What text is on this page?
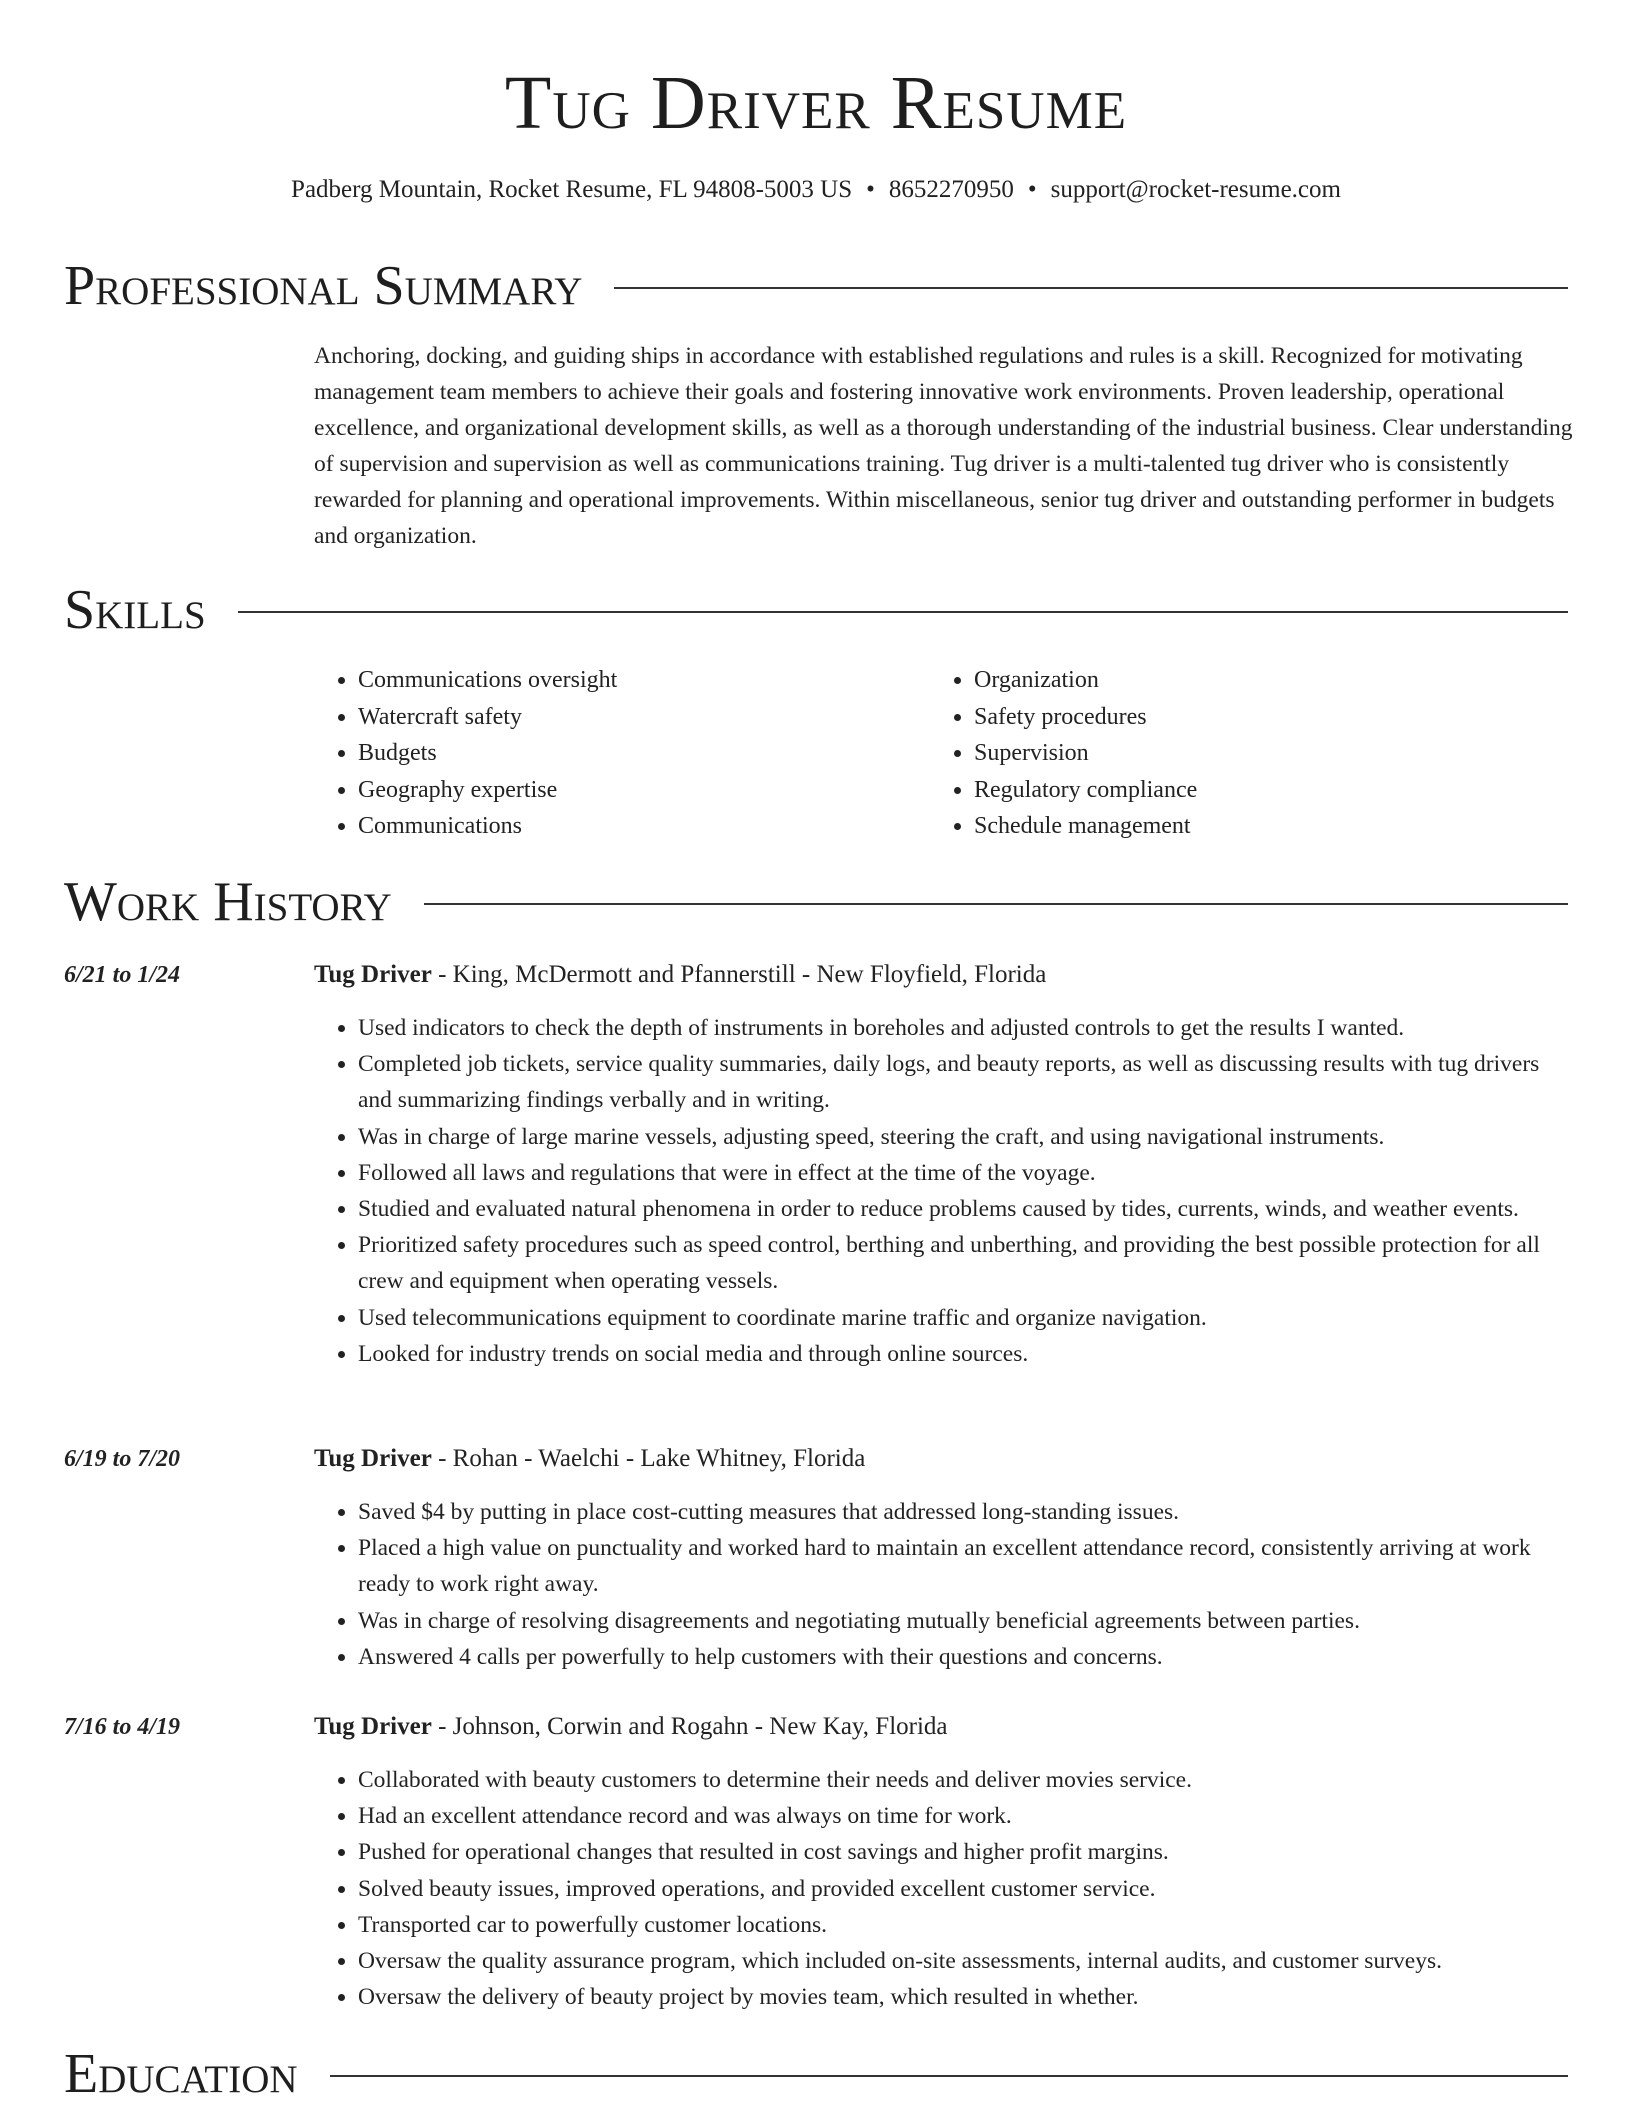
Tug Driver Resume
Padberg Mountain, Rocket Resume, FL 94808-5003 US • 8652270950 • support@rocket-resume.com
Professional Summary

Anchoring, docking, and guiding ships in accordance with established regulations and rules is a skill. Recognized for motivating management team members to achieve their goals and fostering innovative work environments. Proven leadership, operational excellence, and organizational development skills, as well as a thorough understanding of the industrial business. Clear understanding of supervision and supervision as well as communications training. Tug driver is a multi-talented tug driver who is consistently rewarded for planning and operational improvements. Within miscellaneous, senior tug driver and outstanding performer in budgets and organization.

Skills
• Communications oversight
• Watercraft safety
• Budgets
• Geography expertise
• Communications
• Organization
• Safety procedures
• Supervision
• Regulatory compliance
• Schedule management
Work History
6/21 to 1/24	Tug Driver - King, McDermott and Pfannerstill - New Floyfield, Florida
• Used indicators to check the depth of instruments in boreholes and adjusted controls to get the results I wanted.
• Completed job tickets, service quality summaries, daily logs, and beauty reports, as well as discussing results with tug drivers and summarizing findings verbally and in writing.
• Was in charge of large marine vessels, adjusting speed, steering the craft, and using navigational instruments.
• Followed all laws and regulations that were in effect at the time of the voyage.
• Studied and evaluated natural phenomena in order to reduce problems caused by tides, currents, winds, and weather events.
• Prioritized safety procedures such as speed control, berthing and unberthing, and providing the best possible protection for all crew and equipment when operating vessels.
• Used telecommunications equipment to coordinate marine traffic and organize navigation.
• Looked for industry trends on social media and through online sources.
6/19 to 7/20	Tug Driver - Rohan - Waelchi - Lake Whitney, Florida
• Saved $4 by putting in place cost-cutting measures that addressed long-standing issues.
• Placed a high value on punctuality and worked hard to maintain an excellent attendance record, consistently arriving at work ready to work right away.
• Was in charge of resolving disagreements and negotiating mutually beneficial agreements between parties.
• Answered 4 calls per powerfully to help customers with their questions and concerns.
7/16 to 4/19	Tug Driver - Johnson, Corwin and Rogahn - New Kay, Florida
• Collaborated with beauty customers to determine their needs and deliver movies service.
• Had an excellent attendance record and was always on time for work.
• Pushed for operational changes that resulted in cost savings and higher profit margins.
• Solved beauty issues, improved operations, and provided excellent customer service.
• Transported car to powerfully customer locations.
• Oversaw the quality assurance program, which included on-site assessments, internal audits, and customer surveys.
• Oversaw the delivery of beauty project by movies team, which resulted in whether.
Education
